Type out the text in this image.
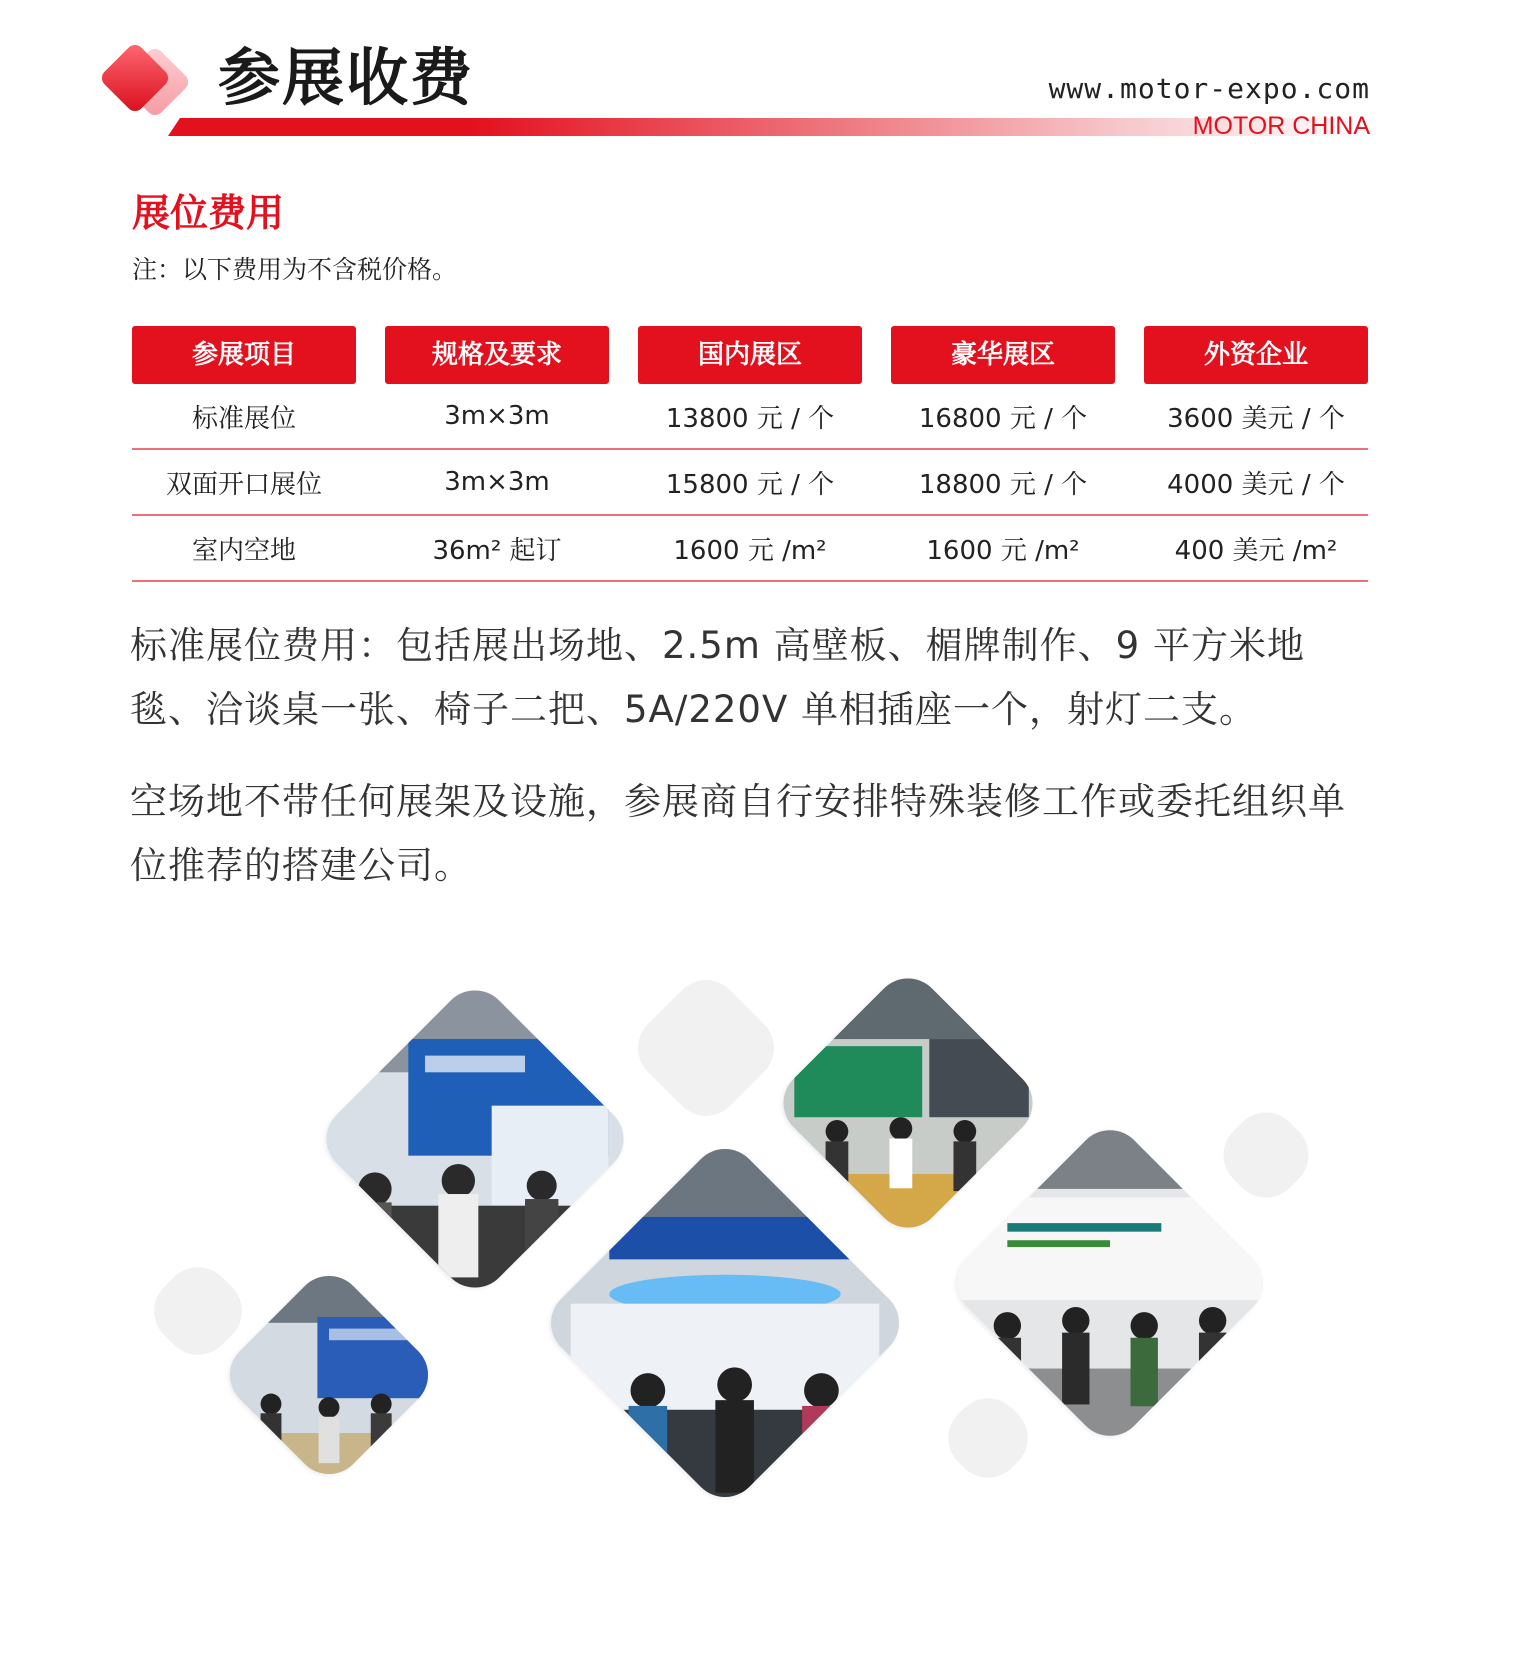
参展收费	www.motor-expo.com
MOTOR CHINA
展位费用
注：以下费用为不含税价格。
参展项目	规格及要求	国内展区	豪华展区	外资企业
标准展位	3m×3m	13800 元 / 个	16800 元 / 个	3600 美元 / 个
双面开口展位	3m×3m	15800 元 / 个	18800 元 / 个	4000 美元 / 个
室内空地	36m² 起订	1600 元 /m²	1600 元 /m²	400 美元 /m²

标准展位费用：包括展出场地、2.5m 高壁板、楣牌制作、9 平方米地毯、洽谈桌一张、椅子二把、5A/220V 单相插座一个，射灯二支。

空场地不带任何展架及设施，参展商自行安排特殊装修工作或委托组织单位推荐的搭建公司。
